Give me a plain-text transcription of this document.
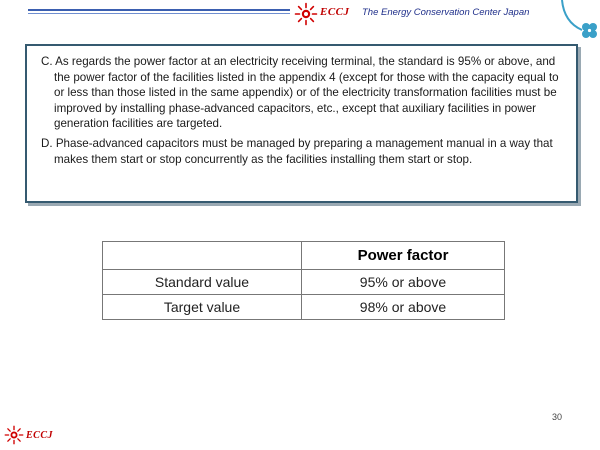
ECCJ The Energy Conservation Center Japan

C. As regards the power factor at an electricity receiving terminal, the standard is 95% or above, and the power factor of the facilities listed in the appendix 4 (except for those with the capacity equal to or less than those listed in the same appendix) or of the electricity transformation facilities must be improved by installing phase-advanced capacitors, etc., except that auxiliary facilities in power generation facilities are targeted.

D. Phase-advanced capacitors must be managed by preparing a management manual in a way that makes them start or stop concurrently as the facilities installing them start or stop.

	Power factor
Standard value	95% or above
Target value	98% or above
30
ECCJ
